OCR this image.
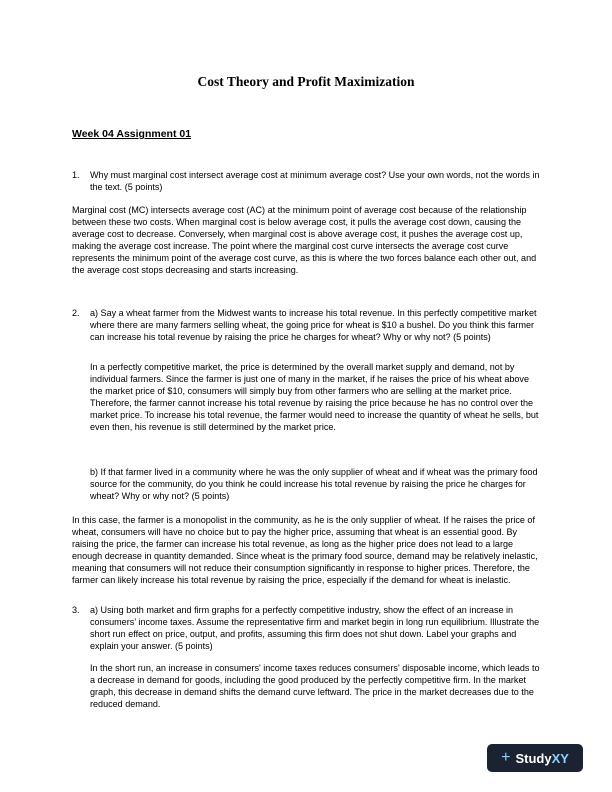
Cost Theory and Profit Maximization
Week 04 Assignment 01
1. Why must marginal cost intersect average cost at minimum average cost? Use your own words, not the words in the text. (5 points)

Marginal cost (MC) intersects average cost (AC) at the minimum point of average cost because of the relationship between these two costs. When marginal cost is below average cost, it pulls the average cost down, causing the average cost to decrease. Conversely, when marginal cost is above average cost, it pushes the average cost up, making the average cost increase. The point where the marginal cost curve intersects the average cost curve represents the minimum point of the average cost curve, as this is where the two forces balance each other out, and the average cost stops decreasing and starts increasing.

2. a) Say a wheat farmer from the Midwest wants to increase his total revenue. In this perfectly competitive market where there are many farmers selling wheat, the going price for wheat is $10 a bushel. Do you think this farmer can increase his total revenue by raising the price he charges for wheat? Why or why not? (5 points)

In a perfectly competitive market, the price is determined by the overall market supply and demand, not by individual farmers. Since the farmer is just one of many in the market, if he raises the price of his wheat above the market price of $10, consumers will simply buy from other farmers who are selling at the market price. Therefore, the farmer cannot increase his total revenue by raising the price because he has no control over the market price. To increase his total revenue, the farmer would need to increase the quantity of wheat he sells, but even then, his revenue is still determined by the market price.

b) If that farmer lived in a community where he was the only supplier of wheat and if wheat was the primary food source for the community, do you think he could increase his total revenue by raising the price he charges for wheat? Why or why not? (5 points)

In this case, the farmer is a monopolist in the community, as he is the only supplier of wheat. If he raises the price of wheat, consumers will have no choice but to pay the higher price, assuming that wheat is an essential good. By raising the price, the farmer can increase his total revenue, as long as the higher price does not lead to a large enough decrease in quantity demanded. Since wheat is the primary food source, demand may be relatively inelastic, meaning that consumers will not reduce their consumption significantly in response to higher prices. Therefore, the farmer can likely increase his total revenue by raising the price, especially if the demand for wheat is inelastic.

3. a) Using both market and firm graphs for a perfectly competitive industry, show the effect of an increase in consumers’ income taxes. Assume the representative firm and market begin in long run equilibrium. Illustrate the short run effect on price, output, and profits, assuming this firm does not shut down. Label your graphs and explain your answer. (5 points)

In the short run, an increase in consumers' income taxes reduces consumers' disposable income, which leads to a decrease in demand for goods, including the good produced by the perfectly competitive firm. In the market graph, this decrease in demand shifts the demand curve leftward. The price in the market decreases due to the reduced demand.

+ Study XY
